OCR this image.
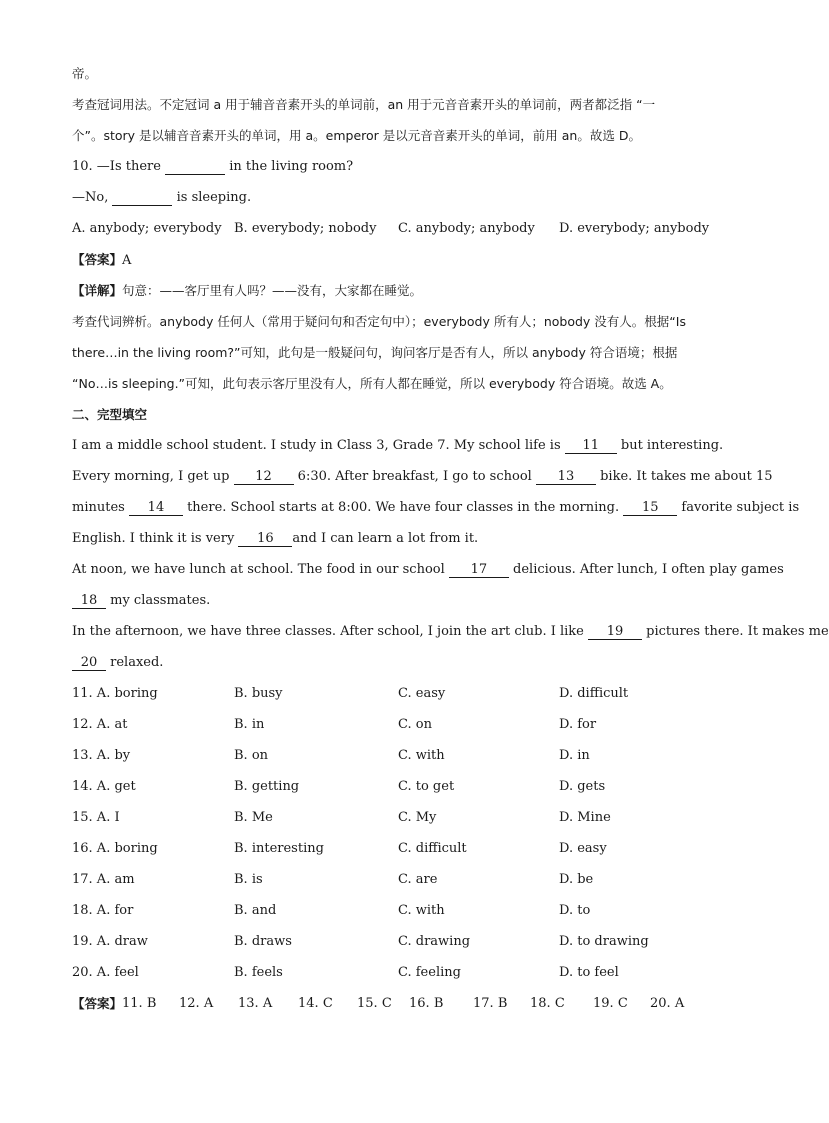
帝。
考查冠词用法。不定冠词 a 用于辅音音素开头的单词前，an 用于元音音素开头的单词前，两者都泛指 “一
个”。story 是以辅音音素开头的单词，用 a。emperor 是以元音音素开头的单词，前用 an。故选 D。
10. —Is there	in the living room?
—No,	is sleeping.
A. anybody; everybody B. everybody; nobody	C. anybody; anybody	D. everybody; anybody
【答案】A
【详解】句意：——客厅里有人吗？——没有，大家都在睡觉。
考查代词辨析。anybody 任何人（常用于疑问句和否定句中）；everybody 所有人；nobody 没有人。根据“Is
there…in the living room?”可知，此句是一般疑问句，询问客厅是否有人，所以 anybody 符合语境；根据
“No…is sleeping.”可知，此句表示客厅里没有人，所有人都在睡觉，所以 everybody 符合语境。故选 A。
二、完型填空
I am a middle school student. I study in Class 3, Grade 7. My school life is 11 but interesting.
Every morning, I get up 12 6:30. After breakfast, I go to school 13 bike. It takes me about 15
minutes 14 there. School starts at 8:00. We have four classes in the morning. 15 favorite subject is
English. I think it is very 16 and I can learn a lot from it.
At noon, we have lunch at school. The food in our school 17 delicious. After lunch, I often play games
18 my classmates.
In the afternoon, we have three classes. After school, I join the art club. I like 19 pictures there. It makes me
20 relaxed.
11. A. boring	B. busy	C. easy	D. difficult
12. A. at	B. in	C. on	D. for
13. A. by	B. on	C. with	D. in
14. A. get	B. getting	C. to get	D. gets
15. A. I	B. Me	C. My	D. Mine
16. A. boring	B. interesting	C. difficult	D. easy
17. A. am	B. is	C. are	D. be
18. A. for	B. and	C. with	D. to
19. A. draw	B. draws	C. drawing	D. to drawing
20. A. feel	B. feels	C. feeling	D. to feel
【答案】 11. B	12. A	13. A	14. C	15. C	16. B	17. B	18. C	19. C	20. A
